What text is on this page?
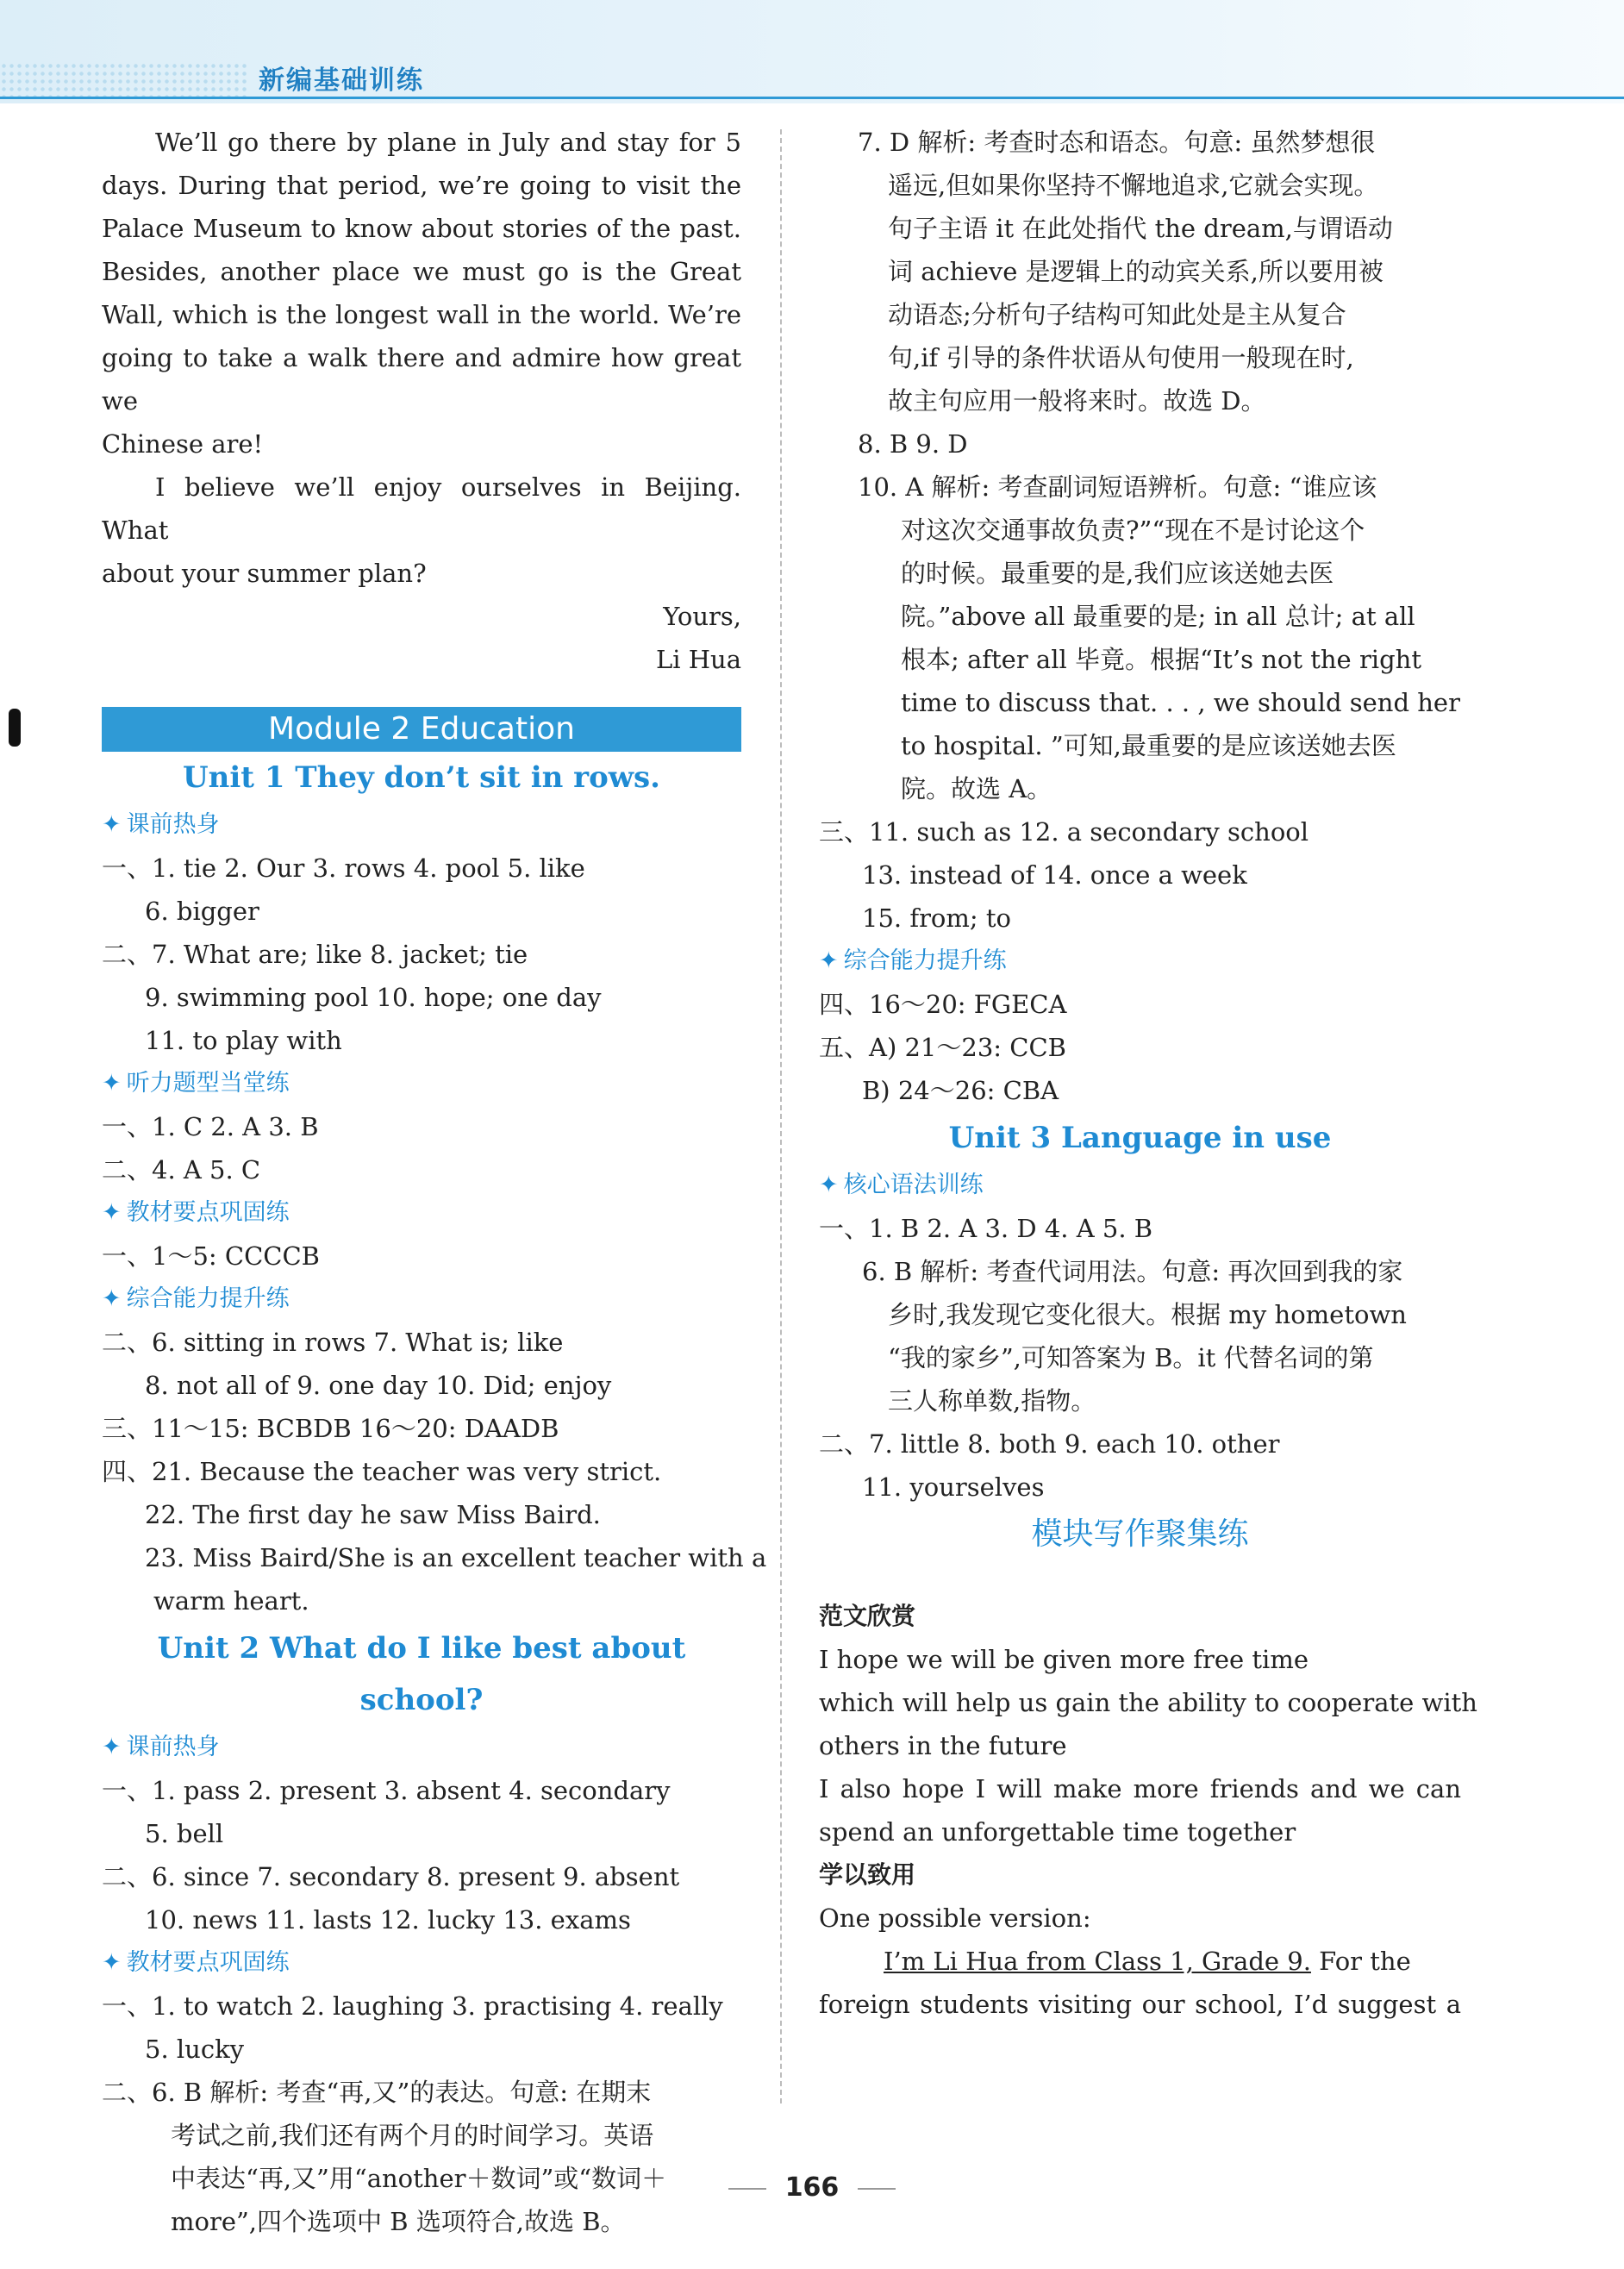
新编基础训练

We’ll go there by plane in July and stay for 5

days. During that period, we’re going to visit the

Palace Museum to know about stories of the past.

Besides, another place we must go is the Great

Wall, which is the longest wall in the world. We’re

going to take a walk there and admire how great we

Chinese are!

I believe we’ll enjoy ourselves in Beijing. What

about your summer plan?

Yours,

Li Hua

Module 2 Education
Unit 1 They don’t sit in rows.
✦ 课前热身
一、1. tie 2. Our 3. rows 4. pool 5. like
6. bigger
二、7. What are; like 8. jacket; tie
9. swimming pool 10. hope; one day
11. to play with
✦ 听力题型当堂练
一、1. C 2. A 3. B
二、4. A 5. C
✦ 教材要点巩固练
一、1～5: CCCCB
✦ 综合能力提升练
二、6. sitting in rows 7. What is; like
8. not all of 9. one day 10. Did; enjoy
三、11～15: BCBDB 16～20: DAADB
四、21. Because the teacher was very strict.
22. The first day he saw Miss Baird.
23. Miss Baird/She is an excellent teacher with a
warm heart.
Unit 2 What do I like best about school?
✦ 课前热身
一、1. pass 2. present 3. absent 4. secondary
5. bell
二、6. since 7. secondary 8. present 9. absent
10. news 11. lasts 12. lucky 13. exams
✦ 教材要点巩固练
一、1. to watch 2. laughing 3. practising 4. really
5. lucky
二、6. B 解析: 考查“再,又”的表达。句意: 在期末
考试之前,我们还有两个月的时间学习。英语
中表达“再,又”用“another＋数词”或“数词＋
more”,四个选项中 B 选项符合,故选 B。
7. D 解析: 考查时态和语态。句意: 虽然梦想很
遥远,但如果你坚持不懈地追求,它就会实现。
句子主语 it 在此处指代 the dream,与谓语动
词 achieve 是逻辑上的动宾关系,所以要用被
动语态;分析句子结构可知此处是主从复合
句,if 引导的条件状语从句使用一般现在时,
故主句应用一般将来时。故选 D。
8. B 9. D
10. A 解析: 考查副词短语辨析。句意: “谁应该
对这次交通事故负责?”“现在不是讨论这个
的时候。最重要的是,我们应该送她去医
院。”above all 最重要的是; in all 总计; at all
根本; after all 毕竟。根据“It’s not the right
time to discuss that. . . , we should send her
to hospital. ”可知,最重要的是应该送她去医
院。故选 A。
三、11. such as 12. a secondary school
13. instead of 14. once a week
15. from; to
✦ 综合能力提升练
四、16～20: FGECA
五、A) 21～23: CCB
B) 24～26: CBA
Unit 3 Language in use
✦ 核心语法训练
一、1. B 2. A 3. D 4. A 5. B
6. B 解析: 考查代词用法。句意: 再次回到我的家
乡时,我发现它变化很大。根据 my hometown
“我的家乡”,可知答案为 B。it 代替名词的第
三人称单数,指物。
二、7. little 8. both 9. each 10. other
11. yourselves
模块写作聚集练
范文欣赏
I hope we will be given more free time
which will help us gain the ability to cooperate with
others in the future
I also hope I will make more friends and we can
spend an unforgettable time together
学以致用
One possible version:
I’m Li Hua from Class 1, Grade 9. For the
foreign students visiting our school, I’d suggest a
166
